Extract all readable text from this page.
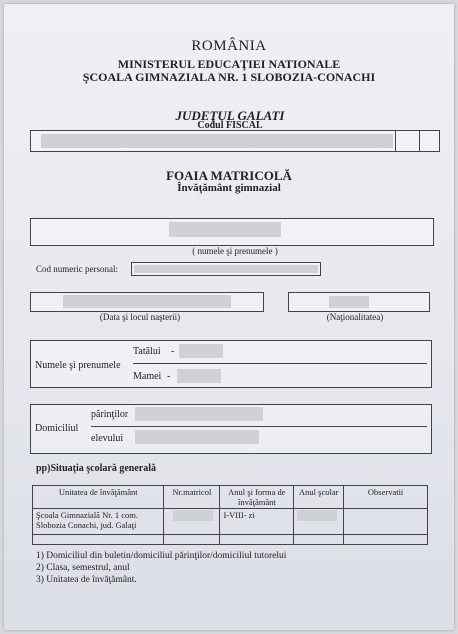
ROMÂNIA
MINISTERUL EDUCAŢIEI NATIONALE
ŞCOALA GIMNAZIALA NR. 1 SLOBOZIA-CONACHI
JUDEŢUL GALATI
Codul FISCAL
FOAIA MATRICOLĂ
Învăţământ gimnazial
( numele şi prenumele )
Cod numeric personal:
(Data şi locul naşterii)	(Naţionalitatea)
Numele şi prenumele
Tatălui -
Mamei -
Domiciliul
părinţilor
elevului
pp)Situaţia şcolară generală
Unitatea de învăţământ	Nr.matricol	Anul şi forma de învăţământ	Anul şcolar	Observatii
Şcoala Gimnazială Nr. 1 com. Slobozia Conachi, jud. Galaţi		I-VIII- zi	

1) Domiciliul din buletin/domiciliul părinţilor/domiciliul tutorelui
2) Clasa, semestrul, anul
3) Unitatea de învăţământ.
